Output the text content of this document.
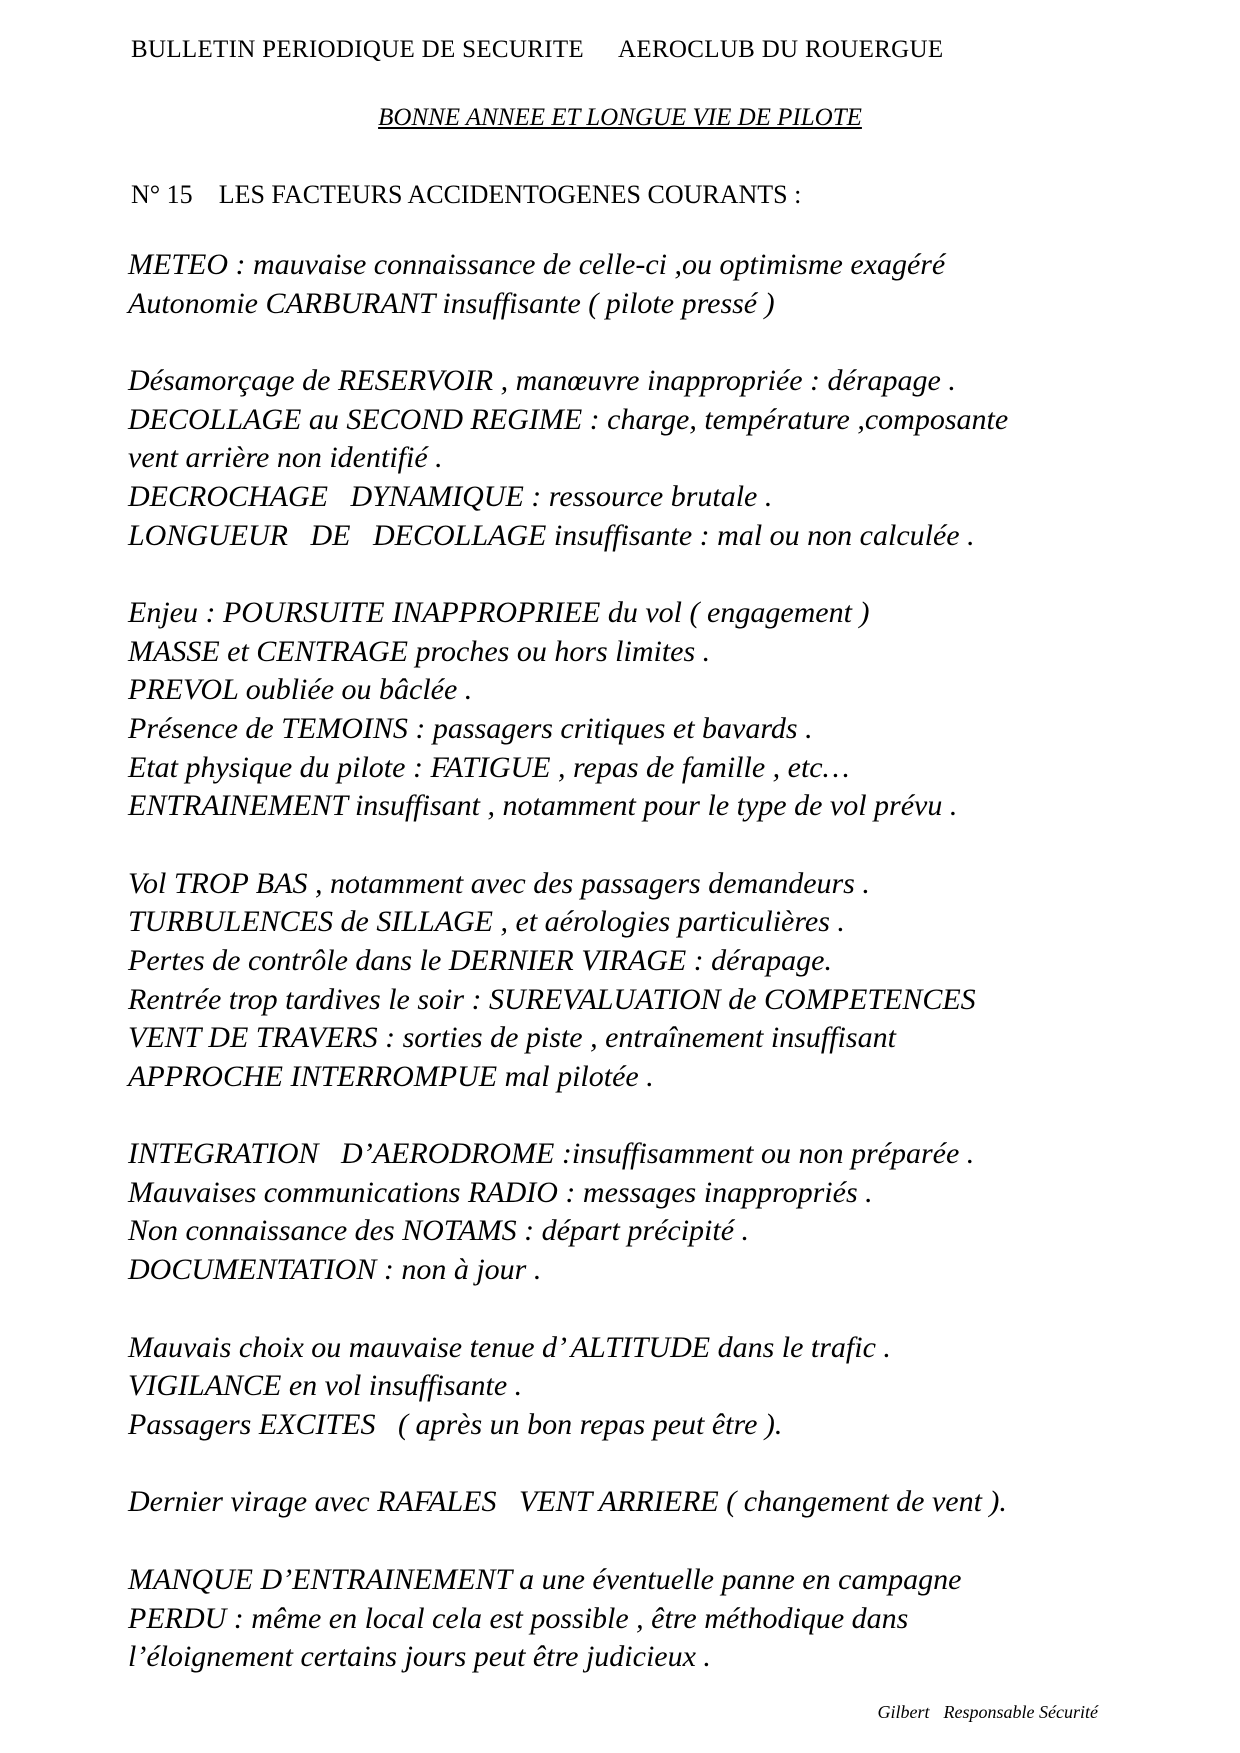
BULLETIN PERIODIQUE DE SECURITE AEROCLUB DU ROUERGUE
BONNE ANNEE ET LONGUE VIE DE PILOTE
N° 15 LES FACTEURS ACCIDENTOGENES COURANTS :
METEO : mauvaise connaissance de celle-ci ,ou optimisme exagéré
Autonomie CARBURANT insuffisante ( pilote pressé )
Désamorçage de RESERVOIR , manœuvre inappropriée : dérapage .
DECOLLAGE au SECOND REGIME : charge, température ,composante
vent arrière non identifié .
DECROCHAGE   DYNAMIQUE : ressource brutale .
LONGUEUR   DE   DECOLLAGE insuffisante : mal ou non calculée .
Enjeu : POURSUITE INAPPROPRIEE du vol ( engagement )
MASSE et CENTRAGE proches ou hors limites .
PREVOL oubliée ou bâclée .
Présence de TEMOINS : passagers critiques et bavards .
Etat physique du pilote : FATIGUE , repas de famille , etc…
ENTRAINEMENT insuffisant , notamment pour le type de vol prévu .
Vol TROP BAS , notamment avec des passagers demandeurs .
TURBULENCES de SILLAGE , et aérologies particulières .
Pertes de contrôle dans le DERNIER VIRAGE : dérapage.
Rentrée trop tardives le soir : SUREVALUATION de COMPETENCES
VENT DE TRAVERS : sorties de piste , entraînement insuffisant
APPROCHE INTERROMPUE mal pilotée .
INTEGRATION   D’AERODROME :insuffisamment ou non préparée .
Mauvaises communications RADIO : messages inappropriés .
Non connaissance des NOTAMS : départ précipité .
DOCUMENTATION : non à jour .
Mauvais choix ou mauvaise tenue d’ ALTITUDE dans le trafic .
VIGILANCE en vol insuffisante .
Passagers EXCITES   ( après un bon repas peut être ).
Dernier virage avec RAFALES   VENT ARRIERE ( changement de vent ).
MANQUE D’ENTRAINEMENT a une éventuelle panne en campagne
PERDU : même en local cela est possible , être méthodique dans
l’éloignement certains jours peut être judicieux .
Gilbert Responsable Sécurité
